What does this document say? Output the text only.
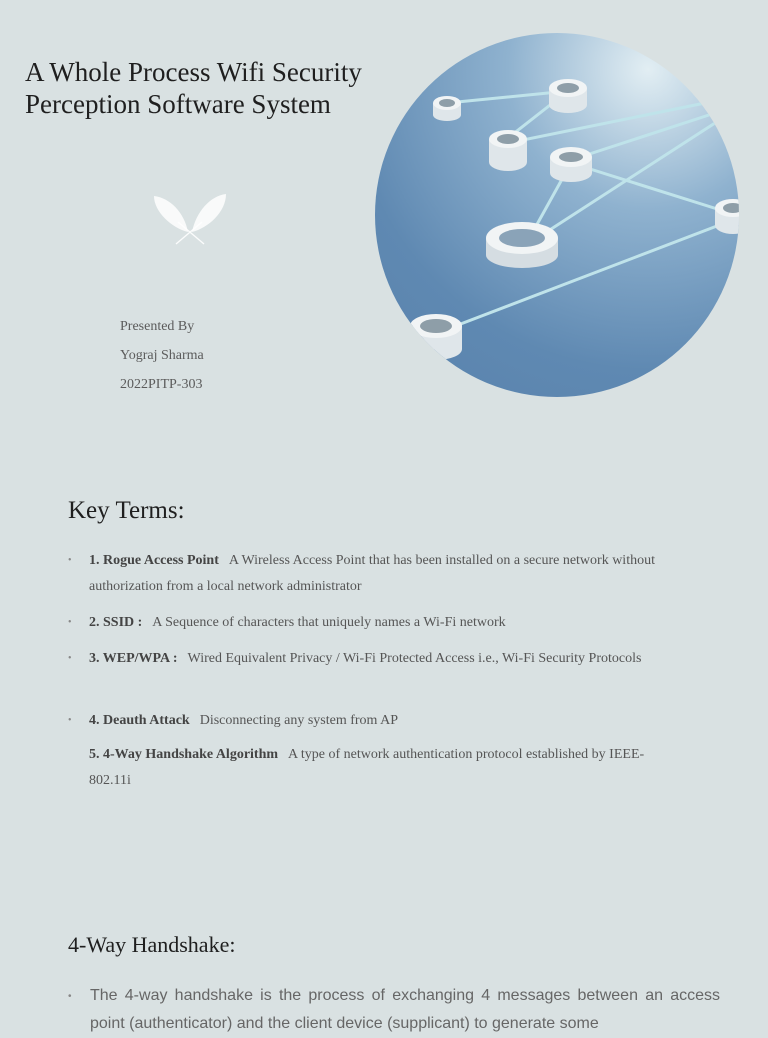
A Whole Process Wifi Security Perception Software System
Presented By
Yograj Sharma
2022PITP-303
Key Terms:
• 1. Rogue Access Point A Wireless Access Point that has been installed on a secure network without authorization from a local network administrator
• 2. SSID : A Sequence of characters that uniquely names a Wi-Fi network
• 3. WEP/WPA : Wired Equivalent Privacy / Wi-Fi Protected Access i.e., Wi-Fi Security Protocols
• 4. Deauth Attack Disconnecting any system from AP
5. 4-Way Handshake Algorithm A type of network authentication protocol established by IEEE-802.11i
4-Way Handshake:
• The 4-way handshake is the process of exchanging 4 messages between an access point (authenticator) and the client device (supplicant) to generate some
